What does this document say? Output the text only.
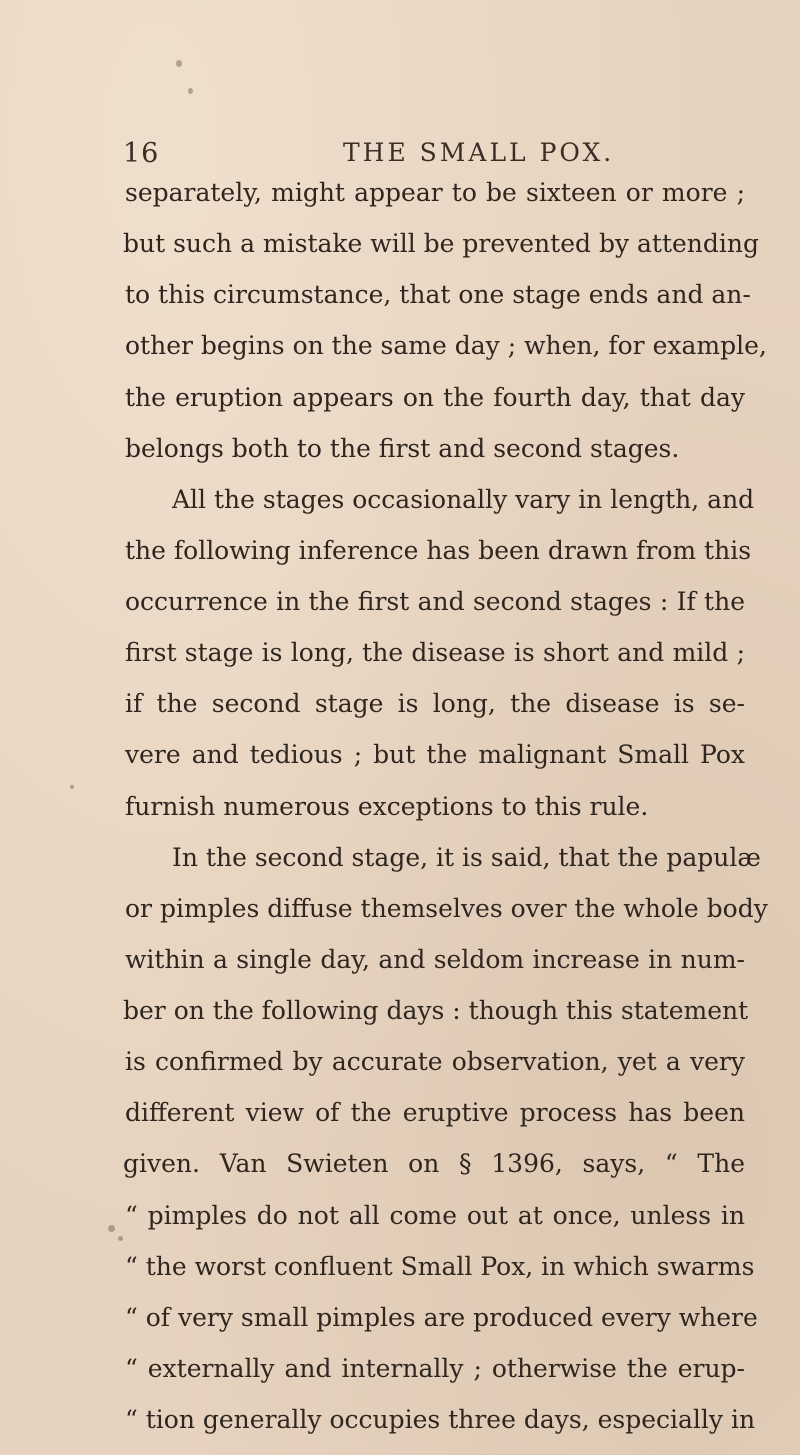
16	THE SMALL POX.
separately, might appear to be sixteen or more ;
but such a mistake will be prevented by attending
to this circumstance, that one stage ends and an-
other begins on the same day ; when, for example,
the eruption appears on the fourth day, that day
belongs both to the first and second stages.
All the stages occasionally vary in length, and
the following inference has been drawn from this
occurrence in the first and second stages : If the
first stage is long, the disease is short and mild ;
if the second stage is long, the disease is se-
vere and tedious ; but the malignant Small Pox
furnish numerous exceptions to this rule.
In the second stage, it is said, that the papulæ
or pimples diffuse themselves over the whole body
within a single day, and seldom increase in num-
ber on the following days : though this statement
is confirmed by accurate observation, yet a very
different view of the eruptive process has been
given. Van Swieten on § 1396, says, “ The
“ pimples do not all come out at once, unless in
“ the worst confluent Small Pox, in which swarms
“ of very small pimples are produced every where
“ externally and internally ; otherwise the erup-
“ tion generally occupies three days, especially in
